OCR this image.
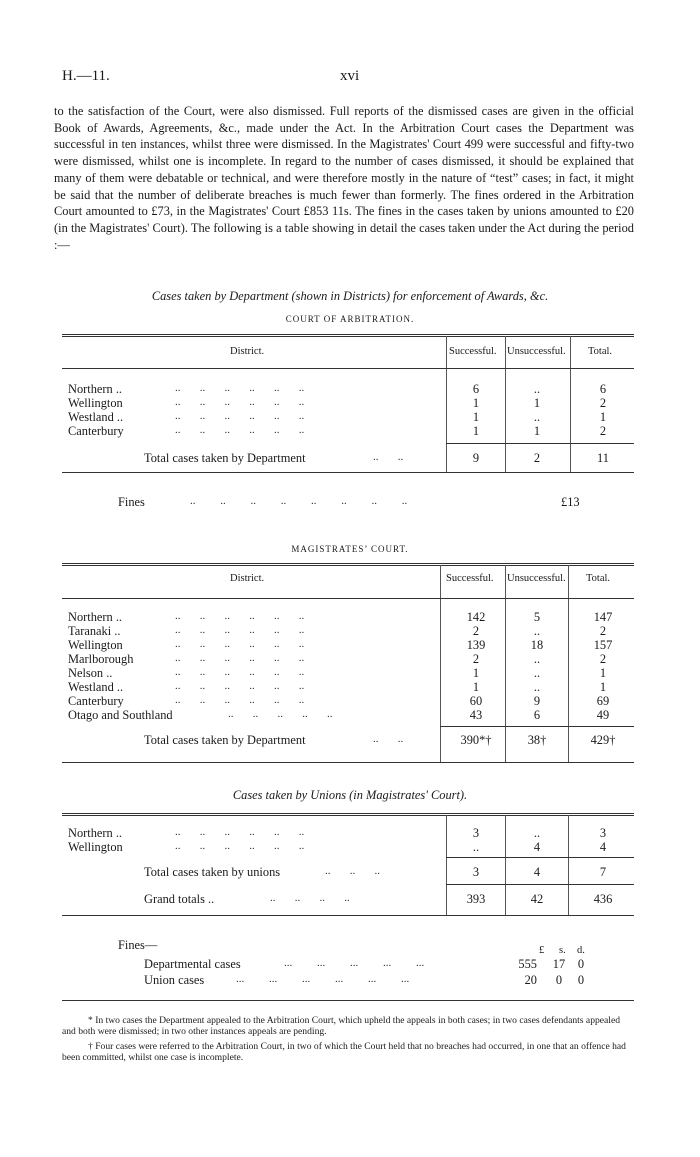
H.—11.	xvi
to the satisfaction of the Court, were also dismissed. Full reports of the dismissed cases are given in the official Book of Awards, Agreements, &c., made under the Act. In the Arbitration Court cases the Department was successful in ten instances, whilst three were dismissed. In the Magistrates' Court 499 were successful and fifty-two were dismissed, whilst one is incomplete. In regard to the number of cases dismissed, it should be explained that many of them were debatable or technical, and were therefore mostly in the nature of “test” cases; in fact, it might be said that the number of deliberate breaches is much fewer than formerly. The fines ordered in the Arbitration Court amounted to £73, in the Magistrates' Court £853 11s. The fines in the cases taken by unions amounted to £20 (in the Magistrates' Court). The following is a table showing in detail the cases taken under the Act during the period :—
Cases taken by Department (shown in Districts) for enforcement of Awards, &c.
COURT OF ARBITRATION.
District.	Successful. Unsuccessful. Total.
Northern ..	..       ..       ..       ..       ..       ..	6	..	6
Wellington	..       ..       ..       ..       ..       ..	1	1	2
Westland ..	..       ..       ..       ..       ..       ..	1	..	1
Canterbury	..       ..       ..       ..       ..       ..	1	1	2
Total cases taken by Department	..       ..	9	2	11
Fines	..         ..         ..         ..         ..         ..         ..         ..	£13
MAGISTRATES’ COURT.
District.	Successful. Unsuccessful. Total.
Northern ..	..       ..       ..       ..       ..       ..	142	5	147
Taranaki ..	..       ..       ..       ..       ..       ..	2	..	2
Wellington	..       ..       ..       ..       ..       ..	139	18	157
Marlborough	..       ..       ..       ..       ..       ..	2	..	2
Nelson ..	..       ..       ..       ..       ..       ..	1	..	1
Westland ..	..       ..       ..       ..       ..       ..	1	..	1
Canterbury	..       ..       ..       ..       ..       ..	60	9	69
Otago and Southland	..       ..       ..       ..       ..	43	6	49
Total cases taken by Department	..       ..	390*†	38†	429†
Cases taken by Unions (in Magistrates' Court).
Northern ..	..       ..       ..       ..       ..       ..	3	..	3
Wellington	..       ..       ..       ..       ..       ..	..	4	4
Total cases taken by unions	..       ..       ..	3	4	7
Grand totals ..	..       ..       ..       ..	393	42	436
Fines—	£ s. d.
Departmental cases	...         ...         ...         ...         ...	555	17	0
Union cases	...         ...         ...         ...         ...         ...	20	0	0
* In two cases the Department appealed to the Arbitration Court, which upheld the appeals in both cases; in two cases defendants appealed and both were dismissed; in two other instances appeals are pending.
† Four cases were referred to the Arbitration Court, in two of which the Court held that no breaches had occurred, in one that an offence had been committed, whilst one case is incomplete.
